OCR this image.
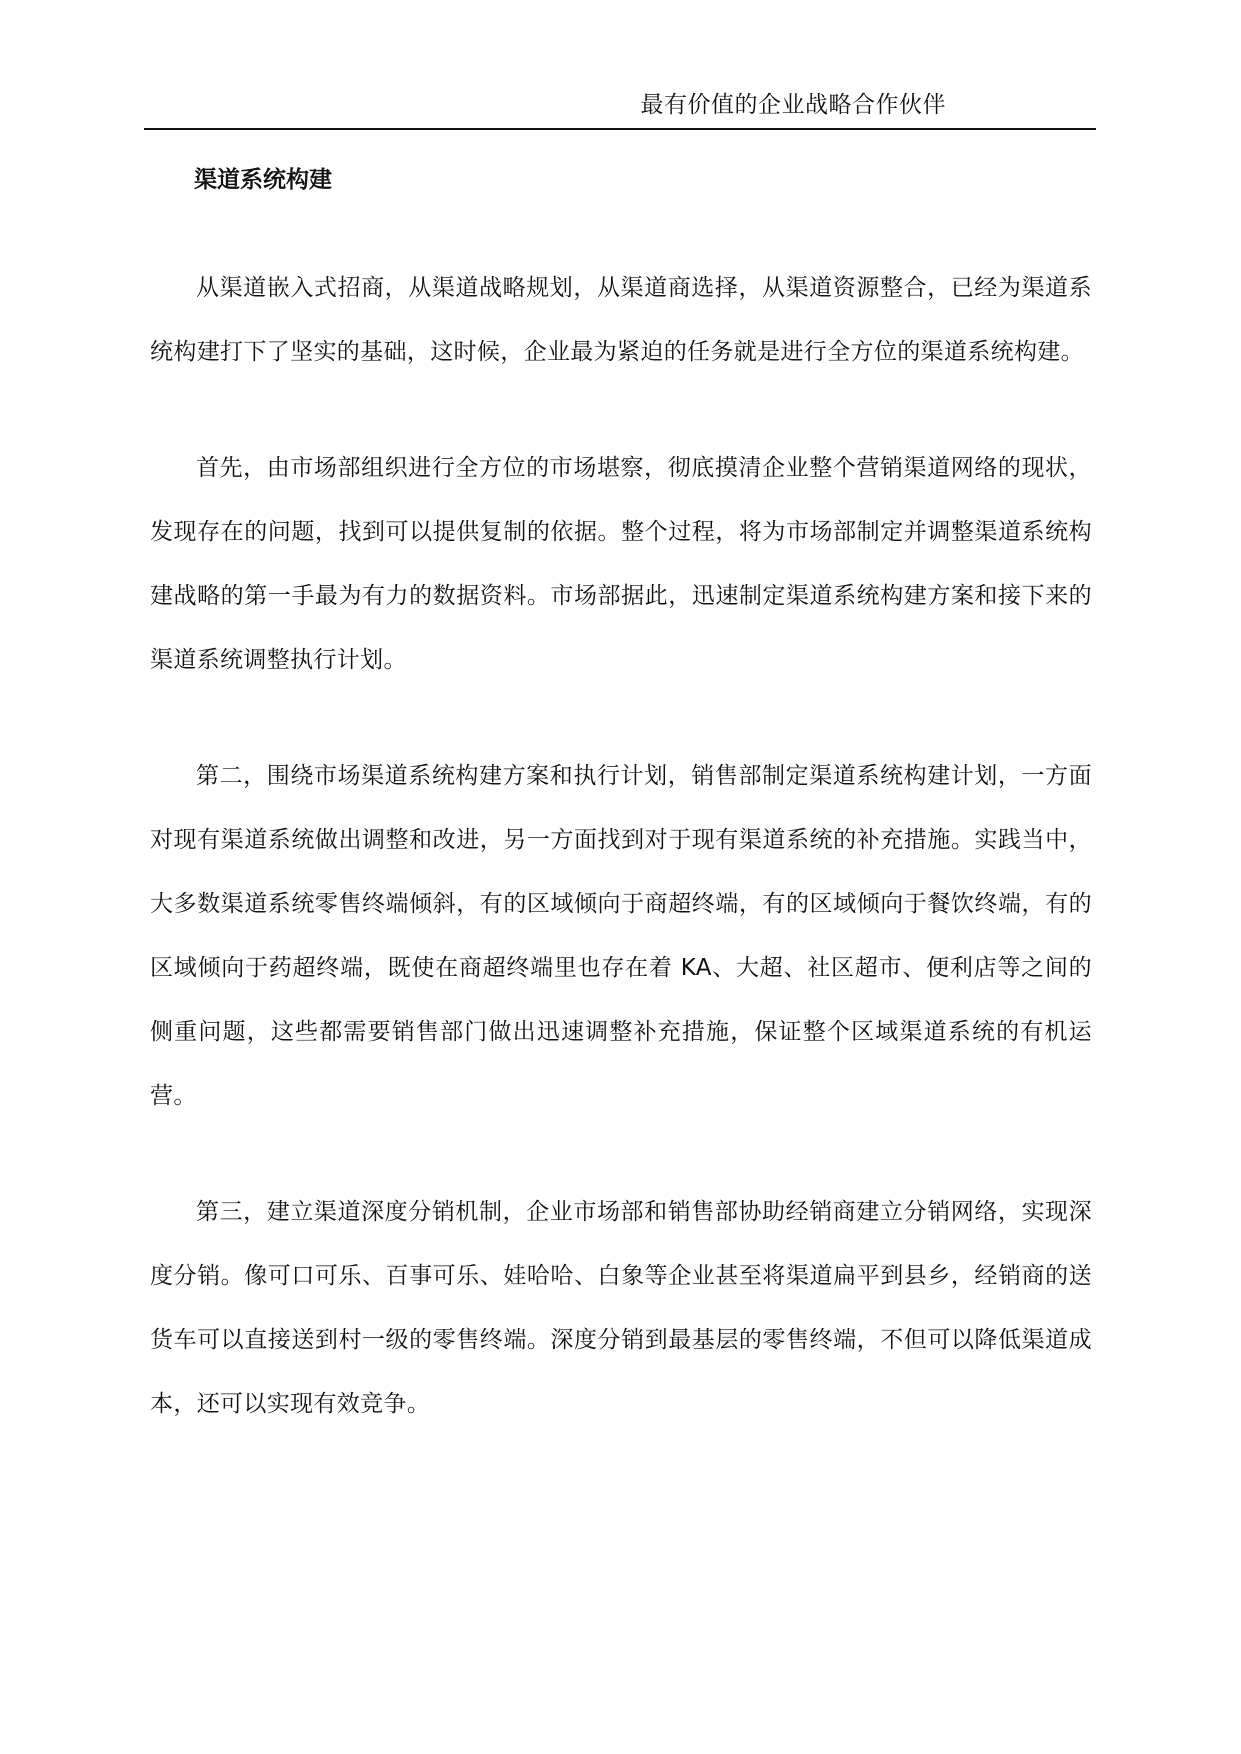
最有价值的企业战略合作伙伴
渠道系统构建

从渠道嵌入式招商，从渠道战略规划，从渠道商选择，从渠道资源整合，已经为渠道系统构建打下了坚实的基础，这时候，企业最为紧迫的任务就是进行全方位的渠道系统构建。

首先，由市场部组织进行全方位的市场堪察，彻底摸清企业整个营销渠道网络的现状，发现存在的问题，找到可以提供复制的依据。整个过程，将为市场部制定并调整渠道系统构建战略的第一手最为有力的数据资料。市场部据此，迅速制定渠道系统构建方案和接下来的渠道系统调整执行计划。

第二，围绕市场渠道系统构建方案和执行计划，销售部制定渠道系统构建计划，一方面对现有渠道系统做出调整和改进，另一方面找到对于现有渠道系统的补充措施。实践当中，大多数渠道系统零售终端倾斜，有的区域倾向于商超终端，有的区域倾向于餐饮终端，有的区域倾向于药超终端，既使在商超终端里也存在着 KA、大超、社区超市、便利店等之间的侧重问题，这些都需要销售部门做出迅速调整补充措施，保证整个区域渠道系统的有机运营。

第三，建立渠道深度分销机制，企业市场部和销售部协助经销商建立分销网络，实现深度分销。像可口可乐、百事可乐、娃哈哈、白象等企业甚至将渠道扁平到县乡，经销商的送货车可以直接送到村一级的零售终端。深度分销到最基层的零售终端，不但可以降低渠道成本，还可以实现有效竞争。
